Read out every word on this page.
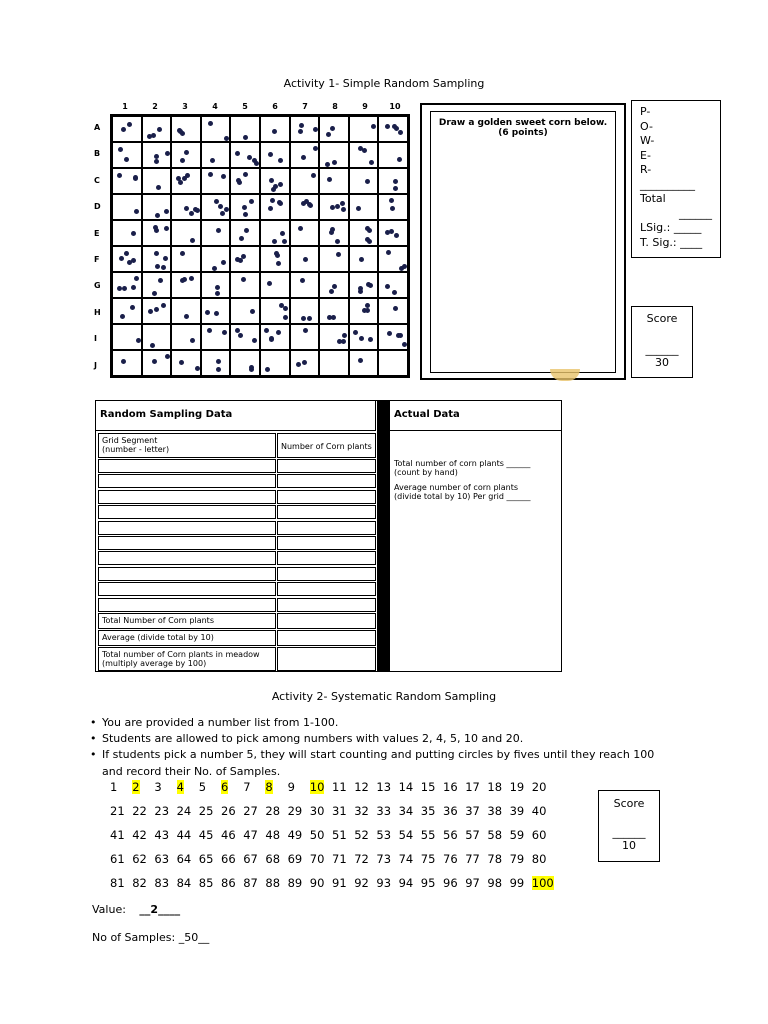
Activity 1- Simple Random Sampling
1	2	3	4	5	6	7	8	9	10
A
B
C
D
E
F
G
H
I
J
Draw a golden sweet corn below.
(6 points)
P-
O-
W-
E-
R-
__________
Total
______
LSig.: _____
T. Sig.: ____
Score
______
30
Random Sampling Data	Actual Data
Grid Segment
(number - letter)	Number of Corn plants
Total Number of Corn plants
Average (divide total by 10)
Total number of Corn plants in meadow
(multiply average by 100)
Total number of corn plants ______
(count by hand)
Average number of corn plants
(divide total by 10) Per grid ______
Activity 2- Systematic Random Sampling
• You are provided a number list from 1-100.
• Students are allowed to pick among numbers with values 2, 4, 5, 10 and 20.
• If students pick a number 5, they will start counting and putting circles by fives until they reach 100
and record their No. of Samples.
1 2 3 4 5 6 7 8 9 10 11 12 13 14 15 16 17 18 19 20
21 22 23 24 25 26 27 28 29 30 31 32 33 34 35 36 37 38 39 40
41 42 43 44 45 46 47 48 49 50 51 52 53 54 55 56 57 58 59 60
61 62 63 64 65 66 67 68 69 70 71 72 73 74 75 76 77 78 79 80
81 82 83 84 85 86 87 88 89 90 91 92 93 94 95 96 97 98 99 100
Value: __2____
No of Samples: _50__
Score
______
10
